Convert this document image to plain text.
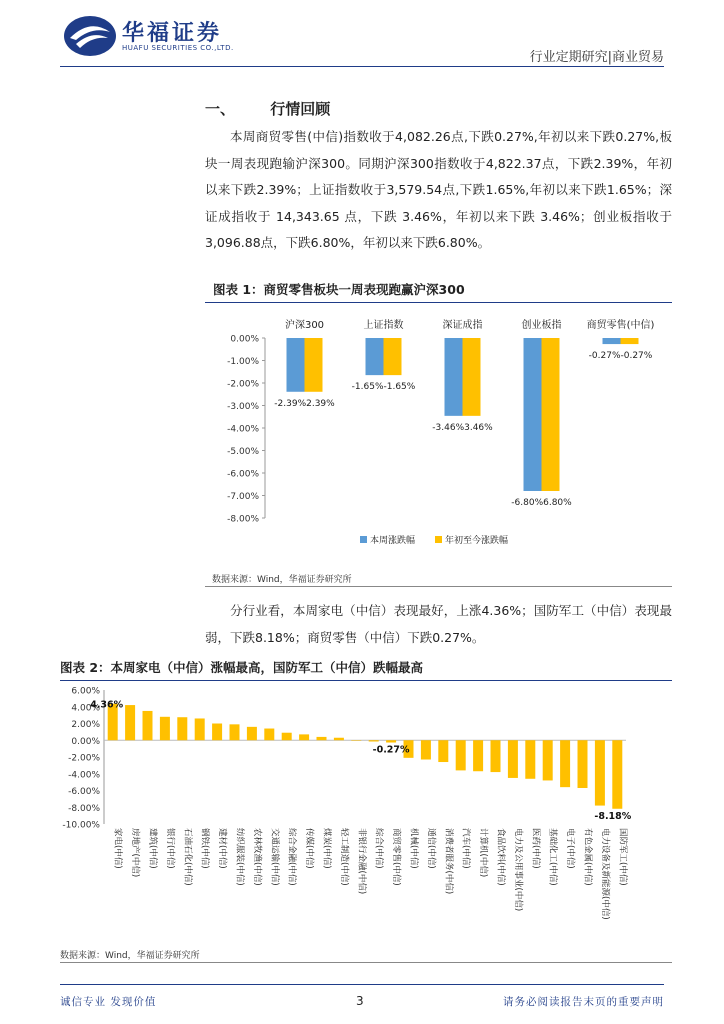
华福证券
HUAFU SECURITIES CO.,LTD.
行业定期研究|商业贸易
一、 行情回顾

本周商贸零售(中信)指数收于4,082.26点,下跌0.27%,年初以来下跌0.27%,板块一周表现跑输沪深300。同期沪深300指数收于4,822.37点，下跌2.39%，年初以来下跌2.39%；上证指数收于3,579.54点,下跌1.65%,年初以来下跌1.65%；深证成指收于 14,343.65 点，下跌 3.46%，年初以来下跌 3.46%；创业板指收于3,096.88点，下跌6.80%，年初以来下跌6.80%。

图表 1：商贸零售板块一周表现跑赢沪深300
0.00%
-1.00%
-2.00%
-3.00%
-4.00%
-5.00%
-6.00%
-7.00%
-8.00%
沪深300
-2.39%2.39%
上证指数
-1.65%-1.65%
深证成指
-3.46%3.46%
创业板指
-6.80%6.80%
商贸零售(中信)
-0.27%-0.27%
本周涨跌幅	年初至今涨跌幅
数据来源：Wind，华福证券研究所

分行业看，本周家电（中信）表现最好，上涨4.36%；国防军工（中信）表现最弱，下跌8.18%；商贸零售（中信）下跌0.27%。

图表 2：本周家电（中信）涨幅最高，国防军工（中信）跌幅最高
6.00%
4.00%
2.00%
0.00%
-2.00%
-4.00%
-6.00%
-8.00%
-10.00%
家电(中信) 房地产(中信) 建筑(中信) 银行(中信) 石油石化(中信) 钢铁(中信) 建材(中信) 纺织服装(中信) 农林牧渔(中信) 交通运输(中信) 综合金融(中信) 传媒(中信) 煤炭(中信) 轻工制造(中信) 非银行金融(中信) 综合(中信) 商贸零售(中信) 机械(中信) 通信(中信) 消费者服务(中信) 汽车(中信) 计算机(中信) 食品饮料(中信) 电力及公用事业(中信) 医药(中信) 基础化工(中信) 电子(中信) 有色金属(中信) 电力设备及新能源(中信) 国防军工(中信)
4.36%
-0.27%
-8.18%
数据来源：Wind，华福证券研究所
诚信专业 发现价值	3	请务必阅读报告末页的重要声明
